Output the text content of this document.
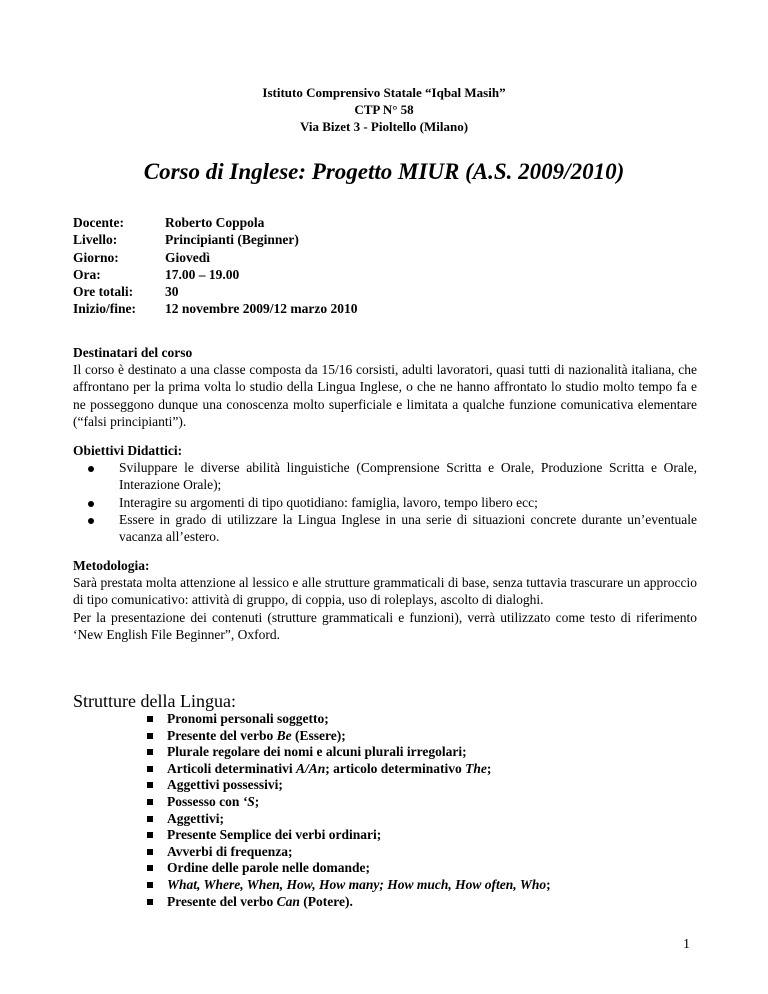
Istituto Comprensivo Statale “Iqbal Masih”
CTP N° 58
Via Bizet 3 - Pioltello (Milano)
Corso di Inglese: Progetto MIUR (A.S. 2009/2010)
Docente:	Roberto Coppola
Livello:	Principianti (Beginner)
Giorno:	Giovedì
Ora:	17.00 – 19.00
Ore totali: 30
Inizio/fine: 12 novembre 2009/12 marzo 2010
Destinatari del corso

Il corso è destinato a una classe composta da 15/16 corsisti, adulti lavoratori, quasi tutti di nazionalità italiana, che affrontano per la prima volta lo studio della Lingua Inglese, o che ne hanno affrontato lo studio molto tempo fa e ne posseggono dunque una conoscenza molto superficiale e limitata a qualche funzione comunicativa elementare (“falsi principianti”).

Obiettivi Didattici:
Sviluppare le diverse abilità linguistiche (Comprensione Scritta e Orale, Produzione Scritta e Orale, Interazione Orale);
Interagire su argomenti di tipo quotidiano: famiglia, lavoro, tempo libero ecc;
Essere in grado di utilizzare la Lingua Inglese in una serie di situazioni concrete durante un’eventuale vacanza all’estero.
Metodologia:

Sarà prestata molta attenzione al lessico e alle strutture grammaticali di base, senza tuttavia trascurare un approccio di tipo comunicativo: attività di gruppo, di coppia, uso di roleplays, ascolto di dialoghi.

Per la presentazione dei contenuti (strutture grammaticali e funzioni), verrà utilizzato come testo di riferimento ‘New English File Beginner”, Oxford.

Strutture della Lingua:
Pronomi personali soggetto;
Presente del verbo Be (Essere);
Plurale regolare dei nomi e alcuni plurali irregolari;
Articoli determinativi A/An; articolo determinativo The;
Aggettivi possessivi;
Possesso con ‘S;
Aggettivi;
Presente Semplice dei verbi ordinari;
Avverbi di frequenza;
Ordine delle parole nelle domande;
What, Where, When, How, How many; How much, How often, Who;
Presente del verbo Can (Potere).
1
